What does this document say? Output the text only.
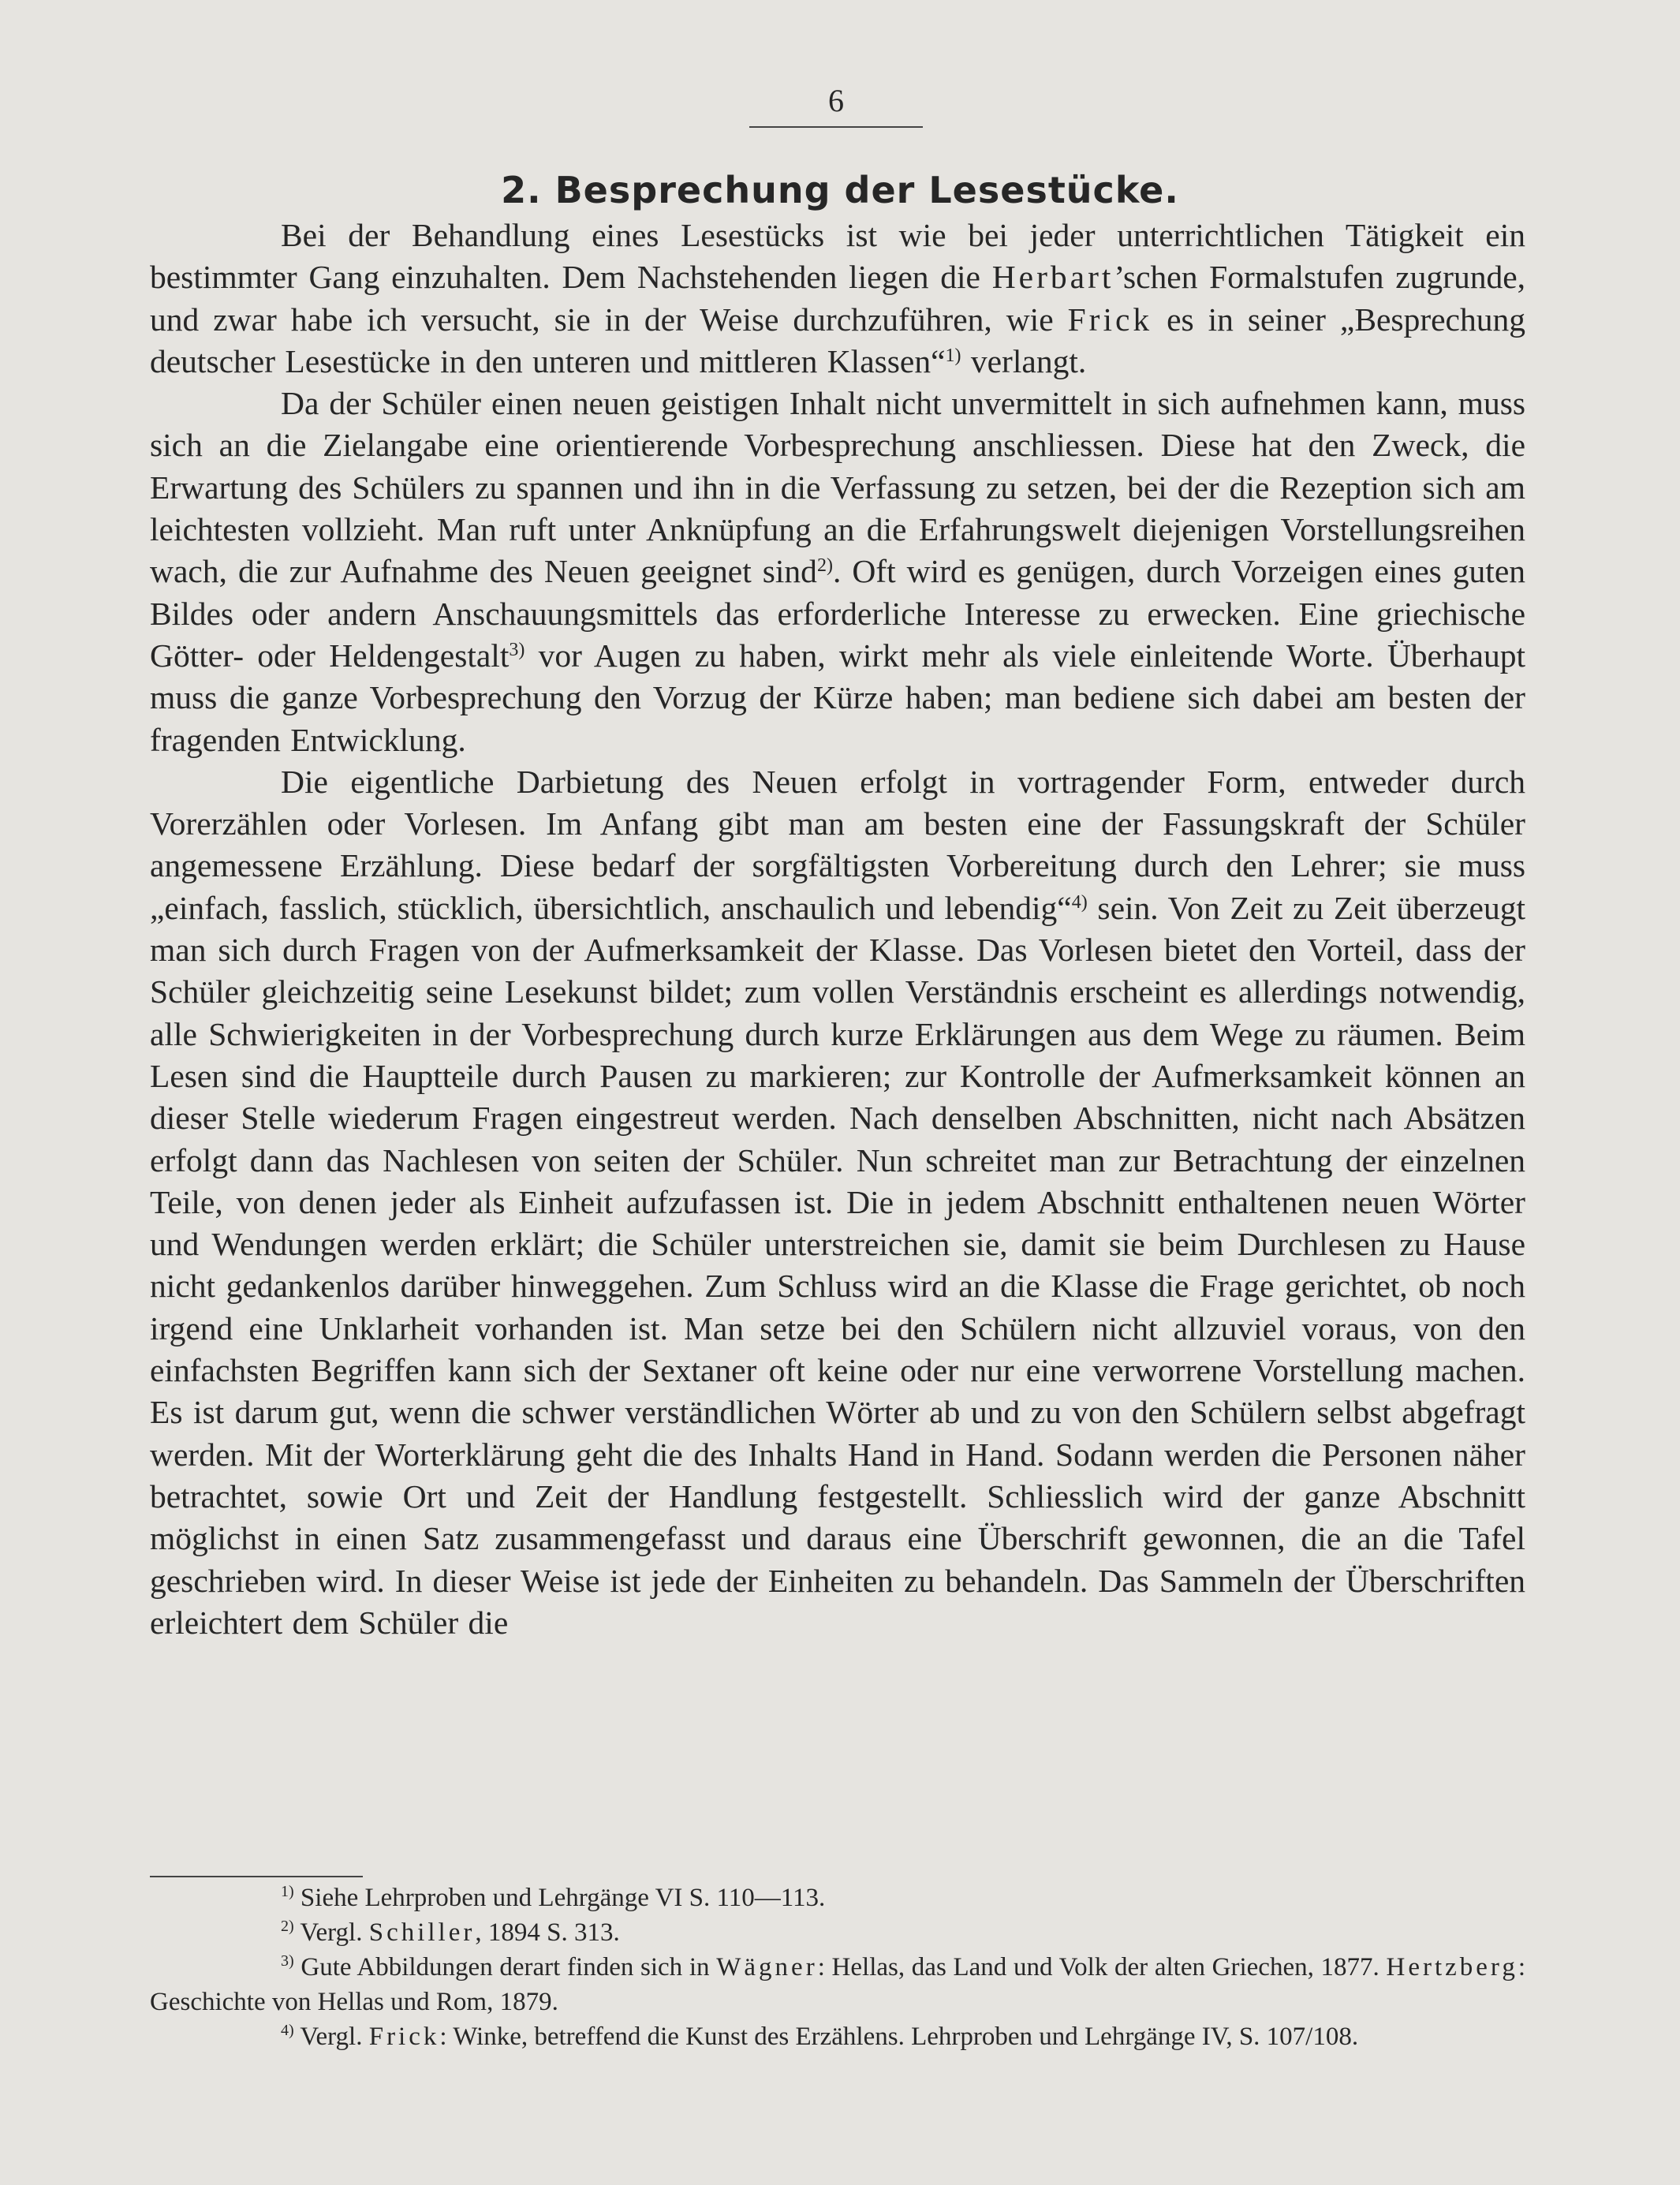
6
2. Besprechung der Lesestücke.

Bei der Behandlung eines Lesestücks ist wie bei jeder unterrichtlichen Tätigkeit ein bestimmter Gang einzuhalten. Dem Nachstehenden liegen die Herbart’schen Formalstufen zugrunde, und zwar habe ich versucht, sie in der Weise durchzuführen, wie Frick es in seiner „Besprechung deutscher Lesestücke in den unteren und mittleren Klassen“$^{1)}$ verlangt.

Da der Schüler einen neuen geistigen Inhalt nicht unvermittelt in sich aufnehmen kann, muss sich an die Zielangabe eine orientierende Vorbesprechung anschliessen. Diese hat den Zweck, die Erwartung des Schülers zu spannen und ihn in die Verfassung zu setzen, bei der die Rezeption sich am leichtesten vollzieht. Man ruft unter Anknüpfung an die Erfahrungswelt diejenigen Vorstellungsreihen wach, die zur Aufnahme des Neuen geeignet sind$^{2)}$. Oft wird es genügen, durch Vorzeigen eines guten Bildes oder andern Anschauungsmittels das erforderliche Interesse zu erwecken. Eine griechische Götter- oder Heldengestalt$^{3)}$ vor Augen zu haben, wirkt mehr als viele einleitende Worte. Überhaupt muss die ganze Vorbesprechung den Vorzug der Kürze haben; man bediene sich dabei am besten der fragenden Entwicklung.

Die eigentliche Darbietung des Neuen erfolgt in vortragender Form, entweder durch Vorerzählen oder Vorlesen. Im Anfang gibt man am besten eine der Fassungskraft der Schüler angemessene Erzählung. Diese bedarf der sorgfältigsten Vorbereitung durch den Lehrer; sie muss „einfach, fasslich, stücklich, übersichtlich, anschaulich und lebendig“$^{4)}$ sein. Von Zeit zu Zeit überzeugt man sich durch Fragen von der Aufmerksamkeit der Klasse. Das Vorlesen bietet den Vorteil, dass der Schüler gleichzeitig seine Lesekunst bildet; zum vollen Verständnis erscheint es allerdings notwendig, alle Schwierigkeiten in der Vorbesprechung durch kurze Erklärungen aus dem Wege zu räumen. Beim Lesen sind die Hauptteile durch Pausen zu markieren; zur Kontrolle der Aufmerksamkeit können an dieser Stelle wiederum Fragen eingestreut werden. Nach denselben Abschnitten, nicht nach Absätzen erfolgt dann das Nachlesen von seiten der Schüler. Nun schreitet man zur Betrachtung der einzelnen Teile, von denen jeder als Einheit aufzufassen ist. Die in jedem Abschnitt enthaltenen neuen Wörter und Wendungen werden erklärt; die Schüler unterstreichen sie, damit sie beim Durchlesen zu Hause nicht gedankenlos darüber hinweggehen. Zum Schluss wird an die Klasse die Frage gerichtet, ob noch irgend eine Unklarheit vorhanden ist. Man setze bei den Schülern nicht allzuviel voraus, von den einfachsten Begriffen kann sich der Sextaner oft keine oder nur eine verworrene Vorstellung machen. Es ist darum gut, wenn die schwer verständlichen Wörter ab und zu von den Schülern selbst abgefragt werden. Mit der Worterklärung geht die des Inhalts Hand in Hand. Sodann werden die Personen näher betrachtet, sowie Ort und Zeit der Handlung festgestellt. Schliesslich wird der ganze Abschnitt möglichst in einen Satz zusammengefasst und daraus eine Überschrift gewonnen, die an die Tafel geschrieben wird. In dieser Weise ist jede der Einheiten zu behandeln. Das Sammeln der Überschriften erleichtert dem Schüler die

$^{1)}$ Siehe Lehrproben und Lehrgänge VI S. 110—113.

$^{2)}$ Vergl. Schiller, 1894 S. 313.

$^{3)}$ Gute Abbildungen derart finden sich in Wägner: Hellas, das Land und Volk der alten Griechen, 1877. Hertzberg: Geschichte von Hellas und Rom, 1879.

$^{4)}$ Vergl. Frick: Winke, betreffend die Kunst des Erzählens. Lehrproben und Lehrgänge IV, S. 107/108.
